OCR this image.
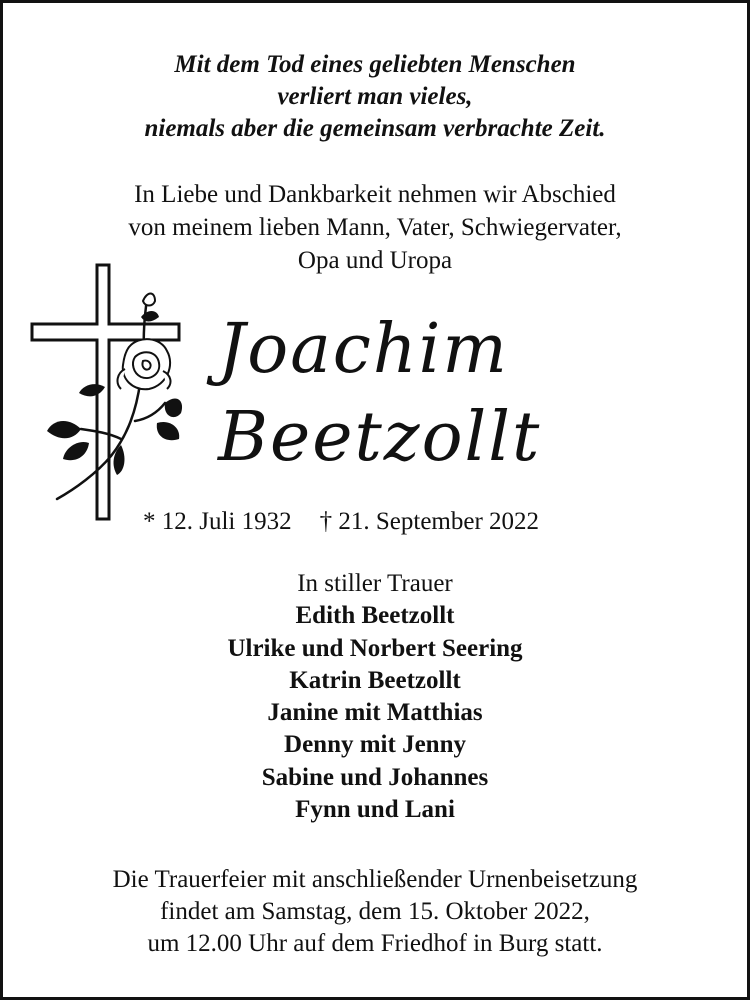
Mit dem Tod eines geliebten Menschen
verliert man vieles,
niemals aber die gemeinsam verbrachte Zeit.
In Liebe und Dankbarkeit nehmen wir Abschied
von meinem lieben Mann, Vater, Schwiegervater,
Opa und Uropa
Joachim
Beetzollt
* 12. Juli 1932 † 21. September 2022
In stiller Trauer
Edith Beetzollt
Ulrike und Norbert Seering
Katrin Beetzollt
Janine mit Matthias
Denny mit Jenny
Sabine und Johannes
Fynn und Lani
Die Trauerfeier mit anschließender Urnenbeisetzung
findet am Samstag, dem 15. Oktober 2022,
um 12.00 Uhr auf dem Friedhof in Burg statt.
